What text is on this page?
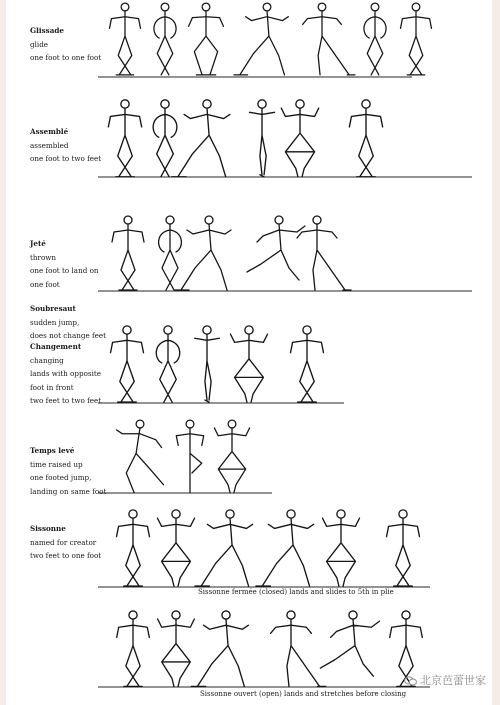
Glissade
glide
one foot to one foot
Assemblé
assembled
one foot to two feet
Jeté
thrown
one foot to land on
one foot
Soubresaut
sudden jump,
does not change feet
Changement
changing
lands with opposite
foot in front
two feet to two feet
Temps levé
time raised up
one footed jump,
landing on same foot
Sissonne
named for creator
two feet to one foot
Sissonne fermée (closed) lands and slides to 5th in plie
Sissonne ouvert (open) lands and stretches before closing
北京芭蕾世家
